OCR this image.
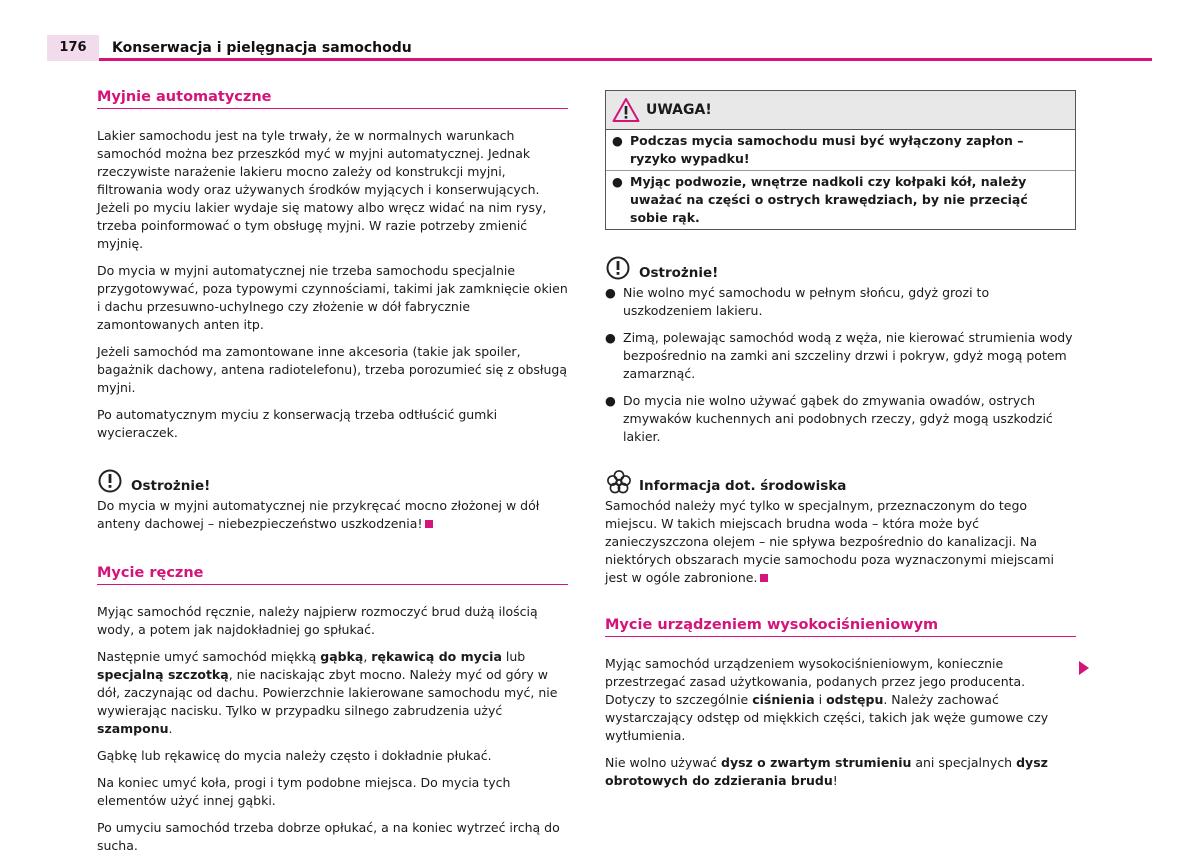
176	Konserwacja i pielęgnacja samochodu
Myjnie automatyczne

Lakier samochodu jest na tyle trwały, że w normalnych warunkach samochód można bez przeszkód myć w myjni automatycznej. Jednak rzeczywiste narażenie lakieru mocno zależy od konstrukcji myjni, filtrowania wody oraz używanych środków myjących i konserwujących. Jeżeli po myciu lakier wydaje się matowy albo wręcz widać na nim rysy, trzeba poinformować o tym obsługę myjni. W razie potrzeby zmienić myjnię.

Do mycia w myjni automatycznej nie trzeba samochodu specjalnie przygotowywać, poza typowymi czynnościami, takimi jak zamknięcie okien i dachu przesuwno-uchylnego czy złożenie w dół fabrycznie zamontowanych anten itp.

Jeżeli samochód ma zamontowane inne akcesoria (takie jak spoiler, bagażnik dachowy, antena radiotelefonu), trzeba porozumieć się z obsługą myjni.

Po automatycznym myciu z konserwacją trzeba odtłuścić gumki wycieraczek.

Ostrożnie!

Do mycia w myjni automatycznej nie przykręcać mocno złożonej w dół anteny dachowej – niebezpieczeństwo uszkodzenia!

Mycie ręczne

Myjąc samochód ręcznie, należy najpierw rozmoczyć brud dużą ilością wody, a potem jak najdokładniej go spłukać.

Następnie umyć samochód miękką gąbką, rękawicą do mycia lub specjalną szczotką, nie naciskając zbyt mocno. Należy myć od góry w dół, zaczynając od dachu. Powierzchnie lakierowane samochodu myć, nie wywierając nacisku. Tylko w przypadku silnego zabrudzenia użyć szamponu.

Gąbkę lub rękawicę do mycia należy często i dokładnie płukać.

Na koniec umyć koła, progi i tym podobne miejsca. Do mycia tych elementów użyć innej gąbki.

Po umyciu samochód trzeba dobrze opłukać, a na koniec wytrzeć irchą do sucha.

UWAGA!
● Podczas mycia samochodu musi być wyłączony zapłon – ryzyko wypadku!
● Myjąc podwozie, wnętrze nadkoli czy kołpaki kół, należy uważać na części o ostrych krawędziach, by nie przeciąć sobie rąk.
Ostrożnie!
● Nie wolno myć samochodu w pełnym słońcu, gdyż grozi to uszkodzeniem lakieru.
● Zimą, polewając samochód wodą z węża, nie kierować strumienia wody bezpośrednio na zamki ani szczeliny drzwi i pokryw, gdyż mogą potem zamarznąć.
● Do mycia nie wolno używać gąbek do zmywania owadów, ostrych zmywaków kuchennych ani podobnych rzeczy, gdyż mogą uszkodzić lakier.
Informacja dot. środowiska

Samochód należy myć tylko w specjalnym, przeznaczonym do tego miejscu. W takich miejscach brudna woda – która może być zanieczyszczona olejem – nie spływa bezpośrednio do kanalizacji. Na niektórych obszarach mycie samochodu poza wyznaczonymi miejscami jest w ogóle zabronione.

Mycie urządzeniem wysokociśnieniowym

Myjąc samochód urządzeniem wysokociśnieniowym, koniecznie przestrzegać zasad użytkowania, podanych przez jego producenta. Dotyczy to szczególnie ciśnienia i odstępu. Należy zachować wystarczający odstęp od miękkich części, takich jak węże gumowe czy wytłumienia.

Nie wolno używać dysz o zwartym strumieniu ani specjalnych dysz obrotowych do zdzierania brudu!
